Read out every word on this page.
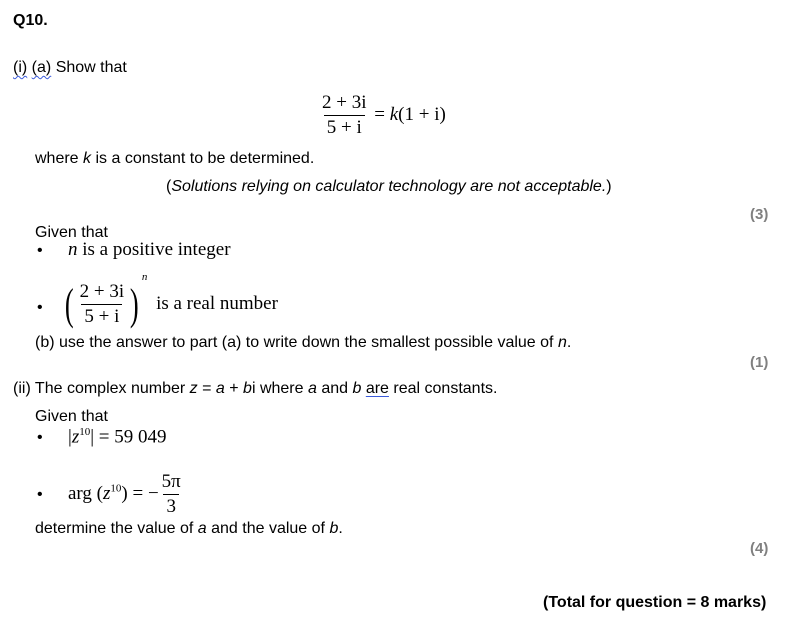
Q10.
(i) (a) Show that
$\frac{2 + 3i}{5 + i} = k(1 + i)$
where k is a constant to be determined.
(Solutions relying on calculator technology are not acceptable.)
(3)
Given that
• n is a positive integer
• ( $\frac{2 + 3i}{5 + i} )^n$ is a real number
(b) use the answer to part (a) to write down the smallest possible value of n.
(1)
(ii) The complex number z = a + bi where a and b are real constants.
Given that
• $|z^{10}| = 59$ 049
• arg $(z^{10})$ = − $\frac{5\pi}{3}$
determine the value of a and the value of b.
(4)
(Total for question = 8 marks)
